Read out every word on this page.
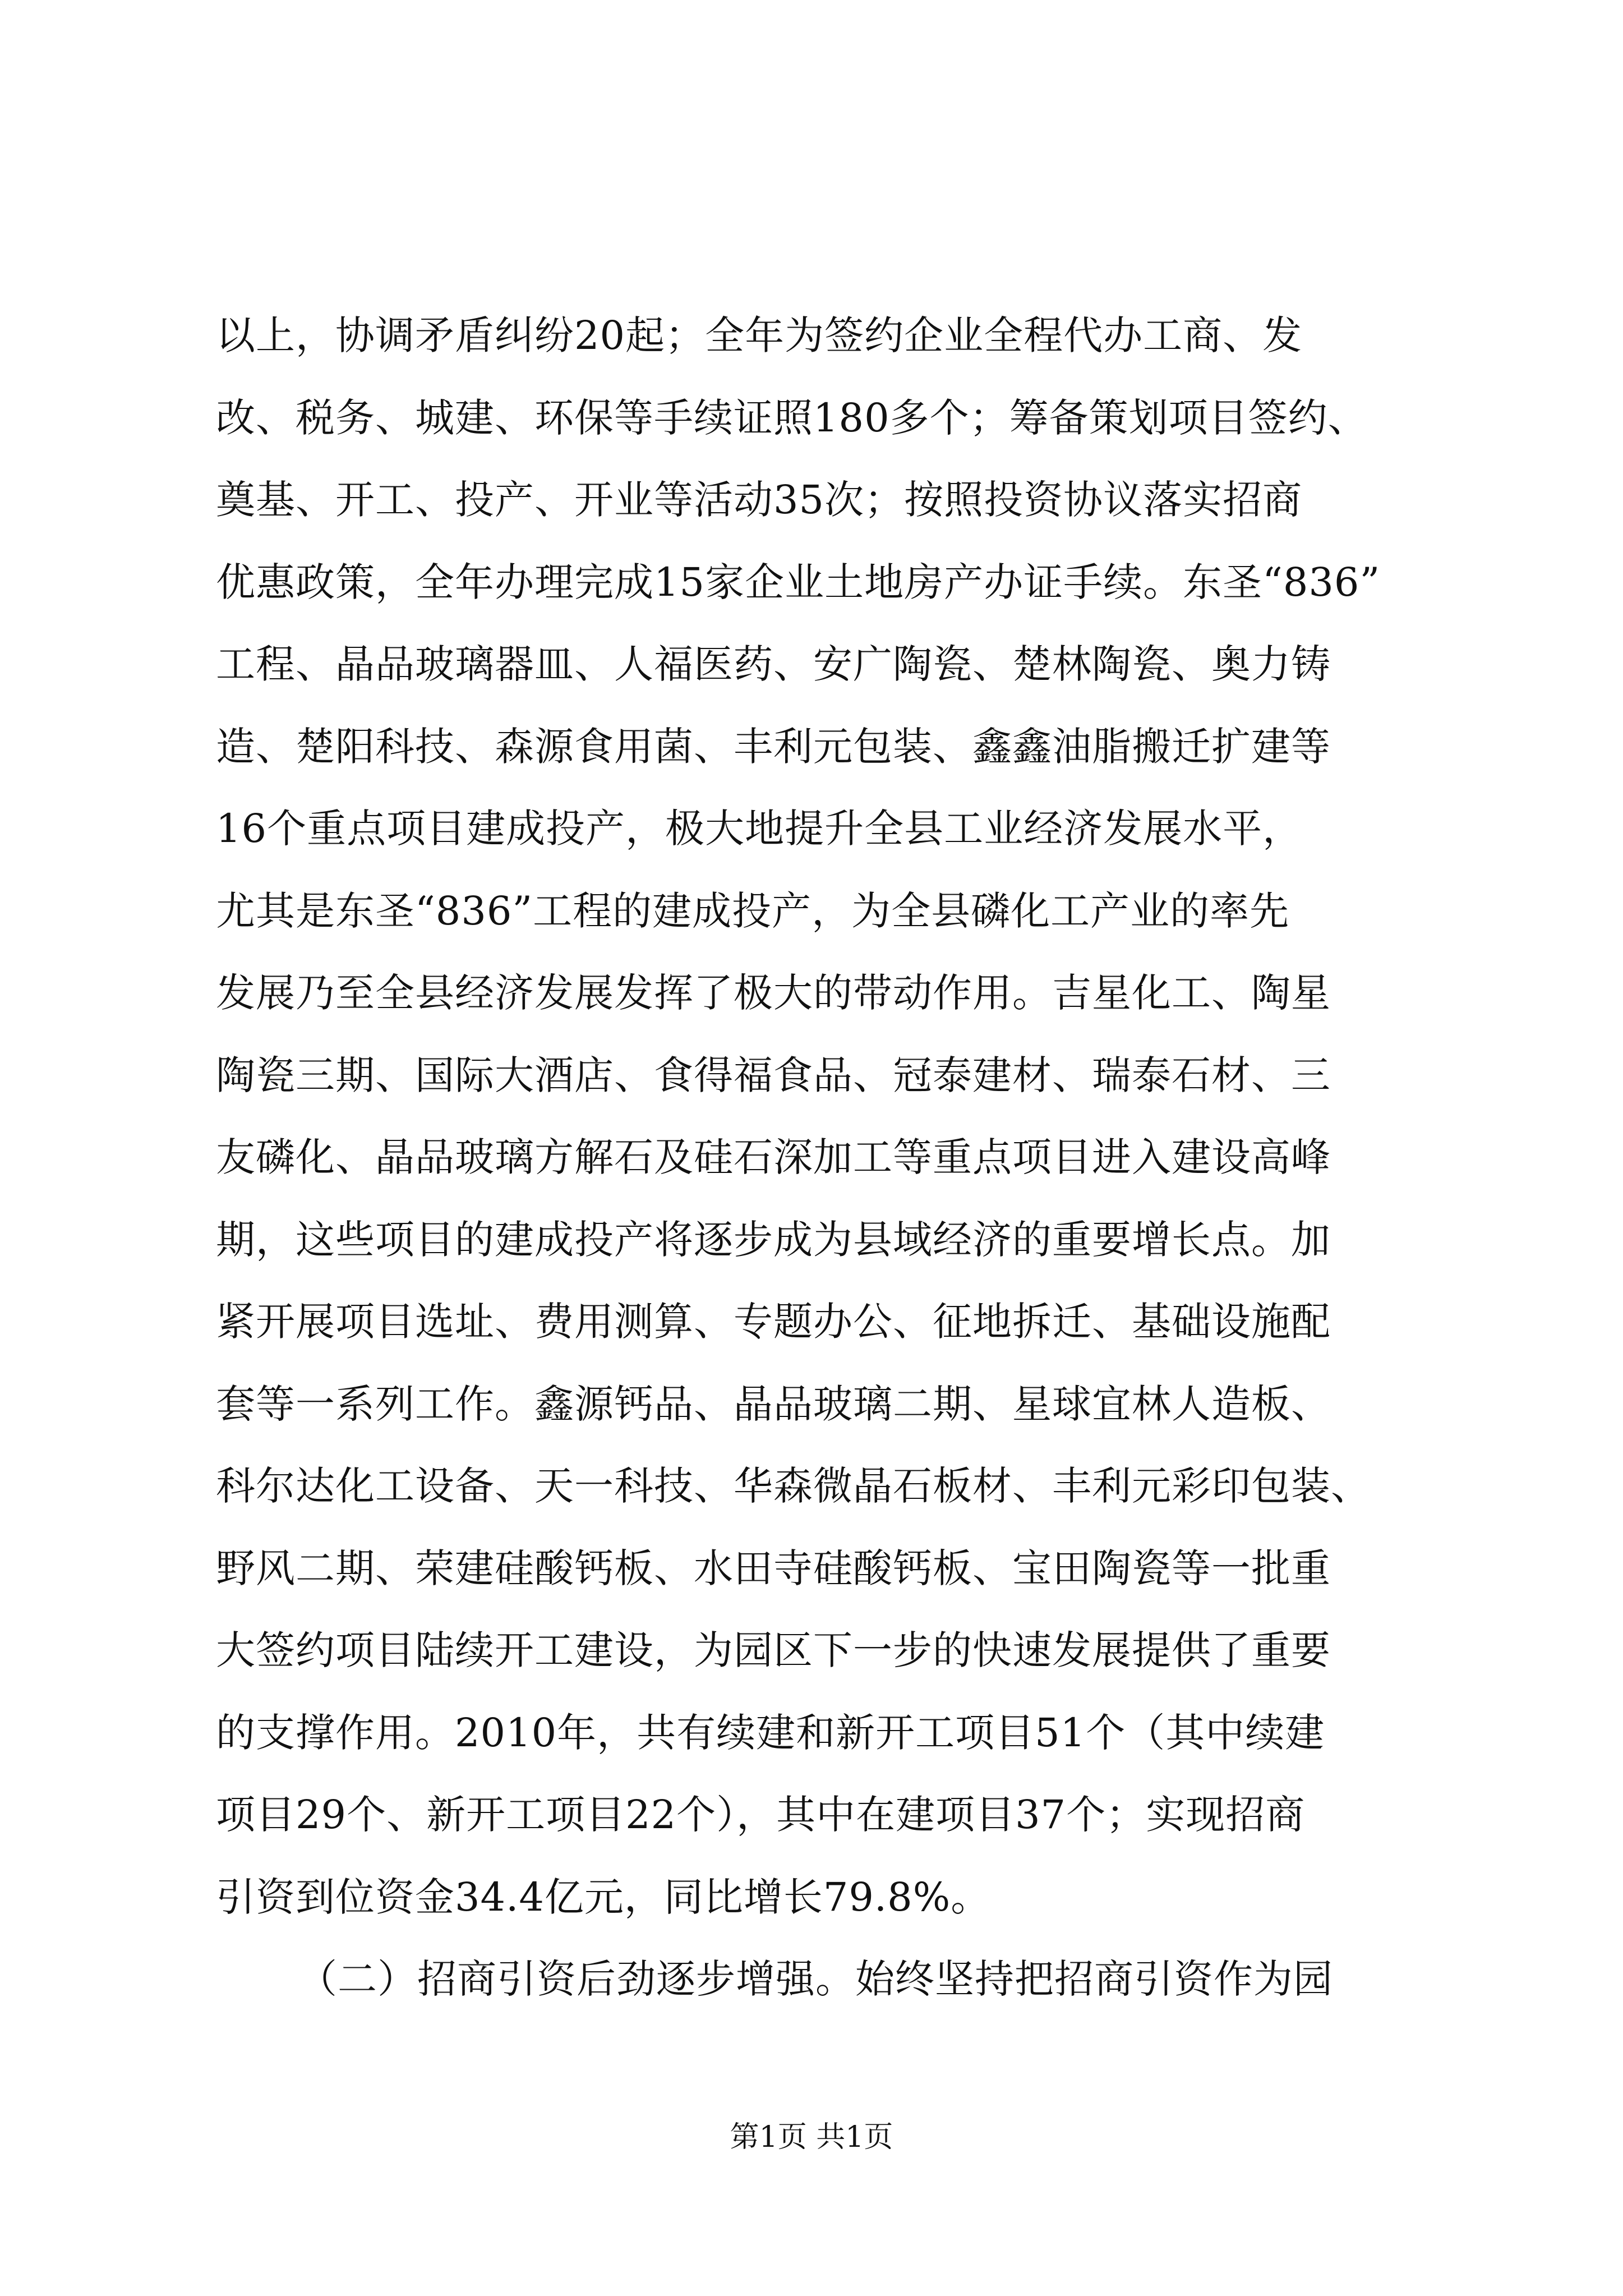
以上，协调矛盾纠纷20起；全年为签约企业全程代办工商、发
改、税务、城建、环保等手续证照180多个；筹备策划项目签约、
奠基、开工、投产、开业等活动35次；按照投资协议落实招商
优惠政策，全年办理完成15家企业土地房产办证手续。东圣“836”
工程、晶品玻璃器皿、人福医药、安广陶瓷、楚林陶瓷、奥力铸
造、楚阳科技、森源食用菌、丰利元包装、鑫鑫油脂搬迁扩建等
16个重点项目建成投产，极大地提升全县工业经济发展水平，
尤其是东圣“836”工程的建成投产，为全县磷化工产业的率先
发展乃至全县经济发展发挥了极大的带动作用。吉星化工、陶星
陶瓷三期、国际大酒店、食得福食品、冠泰建材、瑞泰石材、三
友磷化、晶品玻璃方解石及硅石深加工等重点项目进入建设高峰
期，这些项目的建成投产将逐步成为县域经济的重要增长点。加
紧开展项目选址、费用测算、专题办公、征地拆迁、基础设施配
套等一系列工作。鑫源钙品、晶品玻璃二期、星球宜林人造板、
科尔达化工设备、天一科技、华森微晶石板材、丰利元彩印包装、
野风二期、荣建硅酸钙板、水田寺硅酸钙板、宝田陶瓷等一批重
大签约项目陆续开工建设，为园区下一步的快速发展提供了重要
的支撑作用。2010年，共有续建和新开工项目51个（其中续建
项目29个、新开工项目22个），其中在建项目37个；实现招商
引资到位资金34.4亿元，同比增长79.8%。
（二）招商引资后劲逐步增强。始终坚持把招商引资作为园
第1页 共1页
